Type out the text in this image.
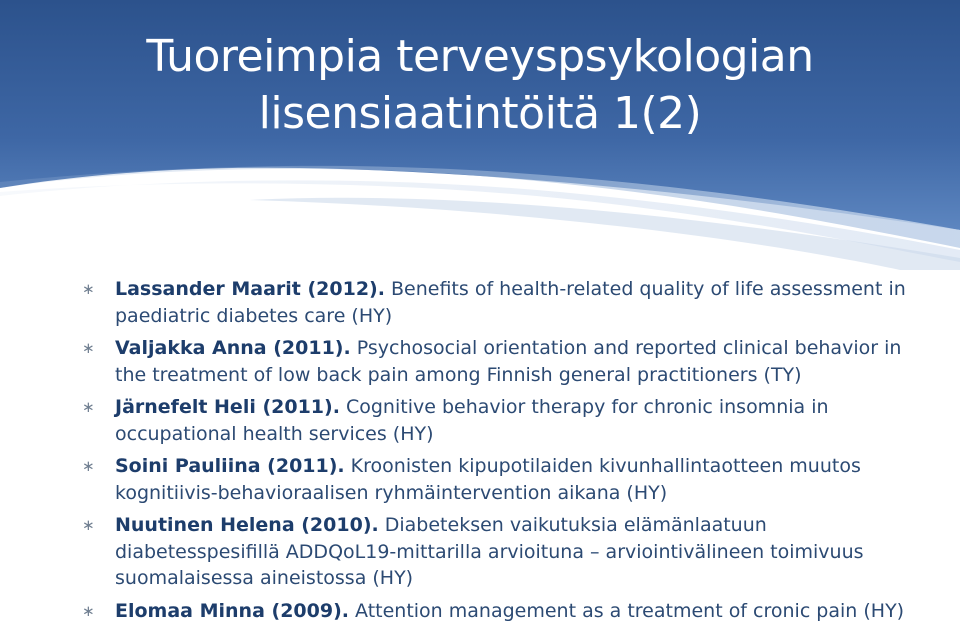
Tuoreimpia terveyspsykologian
lisensiaatintöitä 1(2)
∗ Lassander Maarit (2012). Benefits of health-related quality of life assessment in paediatric diabetes care (HY)
∗ Valjakka Anna (2011). Psychosocial orientation and reported clinical behavior in the treatment of low back pain among Finnish general practitioners (TY)
∗ Järnefelt Heli (2011). Cognitive behavior therapy for chronic insomnia in occupational health services (HY)
∗ Soini Pauliina (2011). Kroonisten kipupotilaiden kivunhallintaotteen muutos kognitiivis-behavioraalisen ryhmäintervention aikana (HY)
∗ Nuutinen Helena (2010). Diabeteksen vaikutuksia elämänlaatuun diabetesspesifillä ADDQoL19-mittarilla arvioituna – arviointivälineen toimivuus suomalaisessa aineistossa (HY)
∗ Elomaa Minna (2009). Attention management as a treatment of cronic pain (HY)
